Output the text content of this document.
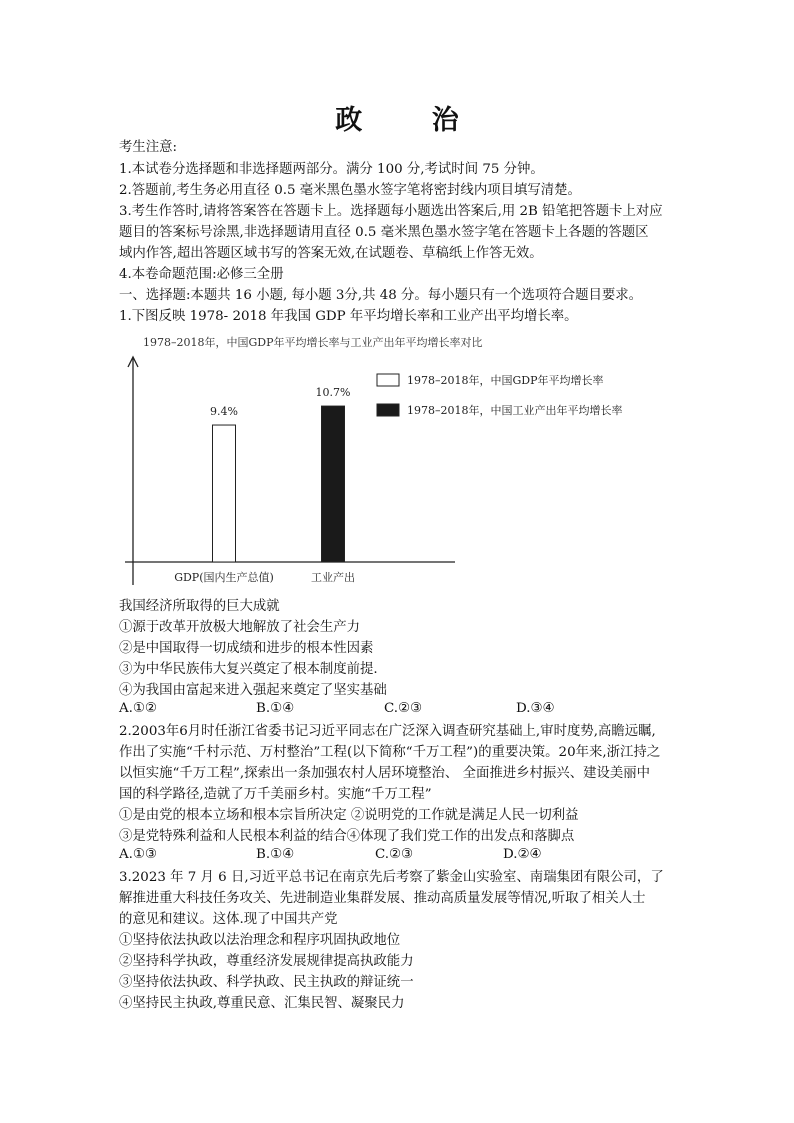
政 治
考生注意:
1.本试卷分选择题和非选择题两部分。满分 100 分,考试时间 75 分钟。
2.答题前,考生务必用直径 0.5 毫米黑色墨水签字笔将密封线内项目填写清楚。
3.考生作答时,请将答案答在答题卡上。选择题每小题选出答案后,用 2B 铅笔把答题卡上对应
题目的答案标号涂黑,非选择题请用直径 0.5 毫米黑色墨水签字笔在答题卡上各题的答题区
域内作答,超出答题区域书写的答案无效,在试题卷、草稿纸上作答无效。
4.本卷命题范围:必修三全册
一、选择题:本题共 16 小题, 每小题 3分,共 48 分。每小题只有一个选项符合题目要求。
1.下图反映 1978- 2018 年我国 GDP 年平均增长率和工业产出平均增长率。
1978–2018年，中国GDP年平均增长率与工业产出年平均增长率对比
9.4%
GDP(国内生产总值)
10.7%
工业产出
1978–2018年，中国GDP年平均增长率
1978–2018年，中国工业产出年平均增长率
我国经济所取得的巨大成就
①源于改革开放极大地解放了社会生产力
②是中国取得一切成绩和进步的根本性因素
③为中华民族伟大复兴奠定了根本制度前提.
④为我国由富起来进入强起来奠定了坚实基础
A.①②	B.①④	C.②③	D.③④
2.2003年6月时任浙江省委书记习近平同志在广泛深入调查研究基础上,审时度势,高瞻远瞩,
作出了实施“千村示范、万村整治”工程(以下简称“千万工程”)的重要决策。20年来,浙江持之
以恒实施“千万工程”,探索出一条加强农村人居环境整治、 全面推进乡村振兴、建设美丽中
国的科学路径,造就了万千美丽乡村。实施“千万工程”
①是由党的根本立场和根本宗旨所决定 ②说明党的工作就是满足人民一切利益
③是党特殊利益和人民根本利益的结合④体现了我们党工作的出发点和落脚点
A.①③	B.①④	C.②③	D.②④
3.2023 年 7 月 6 日,习近平总书记在南京先后考察了紫金山实验室、南瑞集团有限公司，了
解推进重大科技任务攻关、先进制造业集群发展、推动高质量发展等情况,听取了相关人士
的意见和建议。这体.现了中国共产党
①坚持依法执政以法治理念和程序巩固执政地位
②坚持科学执政，尊重经济发展规律提高执政能力
③坚持依法执政、科学执政、民主执政的辩证统一
④坚持民主执政,尊重民意、汇集民智、凝聚民力
